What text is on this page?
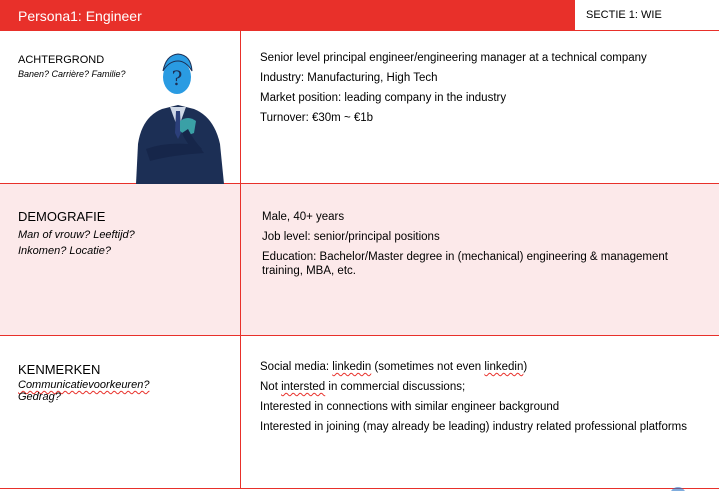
Persona1: Engineer	SECTIE 1: WIE
ACHTERGROND
Banen? Carrière? Familie? ?
Senior level principal engineer/engineering manager at a technical company
Industry: Manufacturing, High Tech
Market position: leading company in the industry
Turnover: €30m ~ €1b
DEMOGRAFIE
Man of vrouw? Leeftijd?
Inkomen? Locatie?
Male, 40+ years
Job level: senior/principal positions
Education: Bachelor/Master degree in (mechanical) engineering & management training, MBA, etc.
KENMERKEN
Communicatievoorkeuren?
Gedrag?
Social media: linkedin (sometimes not even linkedin)
Not intersted in commercial discussions;
Interested in connections with similar engineer background
Interested in joining (may already be leading) industry related professional platforms
